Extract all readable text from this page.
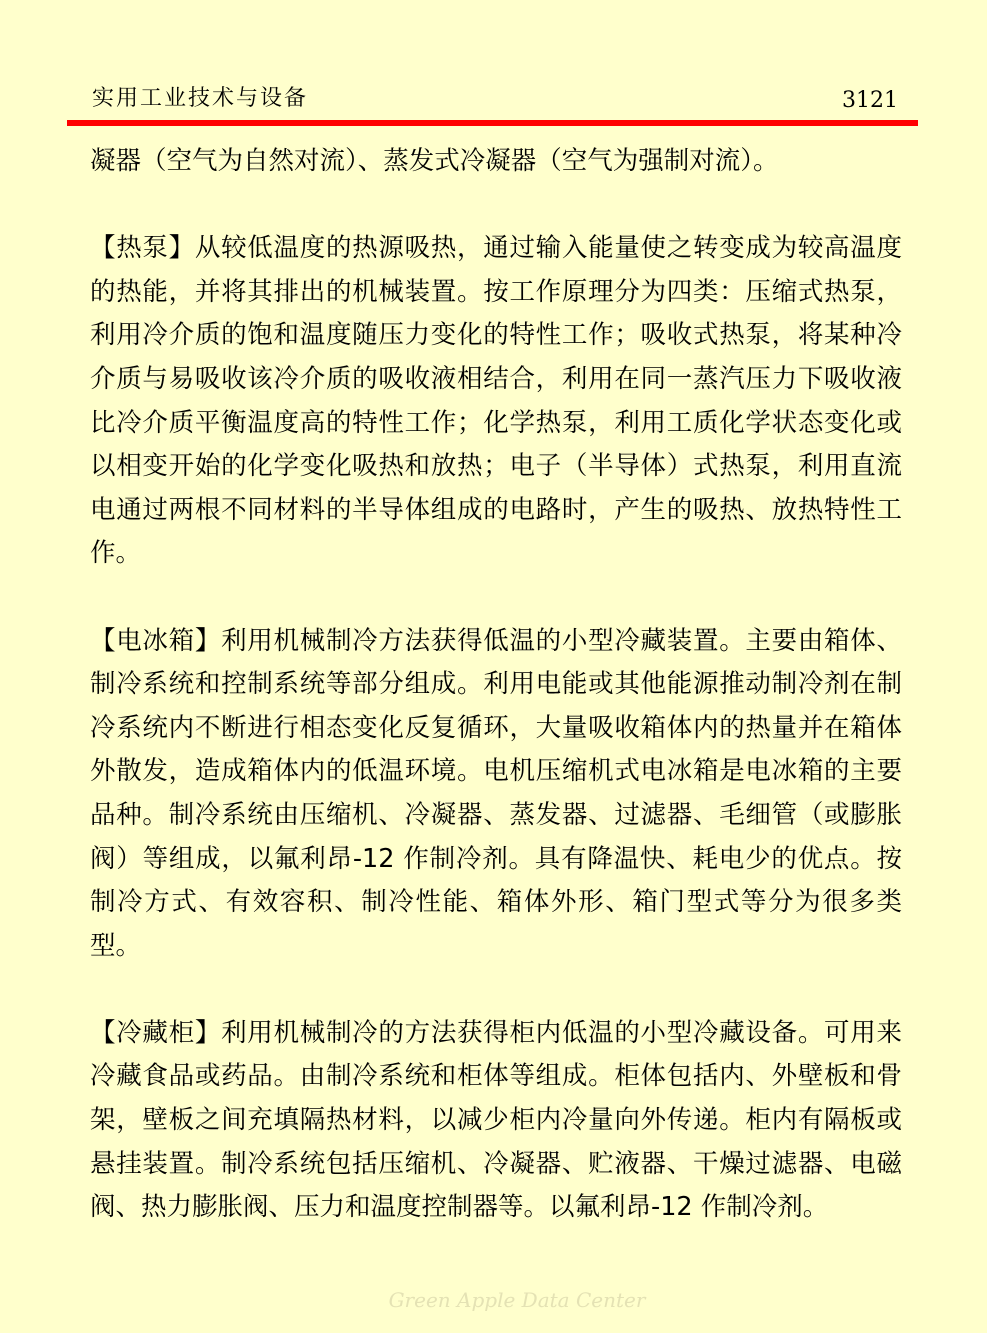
实用工业技术与设备	3121

凝器（空气为自然对流）、蒸发式冷凝器（空气为强制对流）。

【热泵】从较低温度的热源吸热，通过输入能量使之转变成为较高温度的热能，并将其排出的机械装置。按工作原理分为四类：压缩式热泵，利用冷介质的饱和温度随压力变化的特性工作；吸收式热泵，将某种冷介质与易吸收该冷介质的吸收液相结合，利用在同一蒸汽压力下吸收液比冷介质平衡温度高的特性工作；化学热泵，利用工质化学状态变化或以相变开始的化学变化吸热和放热；电子（半导体）式热泵，利用直流电通过两根不同材料的半导体组成的电路时，产生的吸热、放热特性工作。

【电冰箱】利用机械制冷方法获得低温的小型冷藏装置。主要由箱体、制冷系统和控制系统等部分组成。利用电能或其他能源推动制冷剂在制冷系统内不断进行相态变化反复循环，大量吸收箱体内的热量并在箱体外散发，造成箱体内的低温环境。电机压缩机式电冰箱是电冰箱的主要品种。制冷系统由压缩机、冷凝器、蒸发器、过滤器、毛细管（或膨胀阀）等组成，以氟利昂-12 作制冷剂。具有降温快、耗电少的优点。按制冷方式、有效容积、制冷性能、箱体外形、箱门型式等分为很多类型。

【冷藏柜】利用机械制冷的方法获得柜内低温的小型冷藏设备。可用来冷藏食品或药品。由制冷系统和柜体等组成。柜体包括内、外壁板和骨架，壁板之间充填隔热材料，以减少柜内冷量向外传递。柜内有隔板或悬挂装置。制冷系统包括压缩机、冷凝器、贮液器、干燥过滤器、电磁阀、热力膨胀阀、压力和温度控制器等。以氟利昂-12 作制冷剂。

Green Apple Data Center
